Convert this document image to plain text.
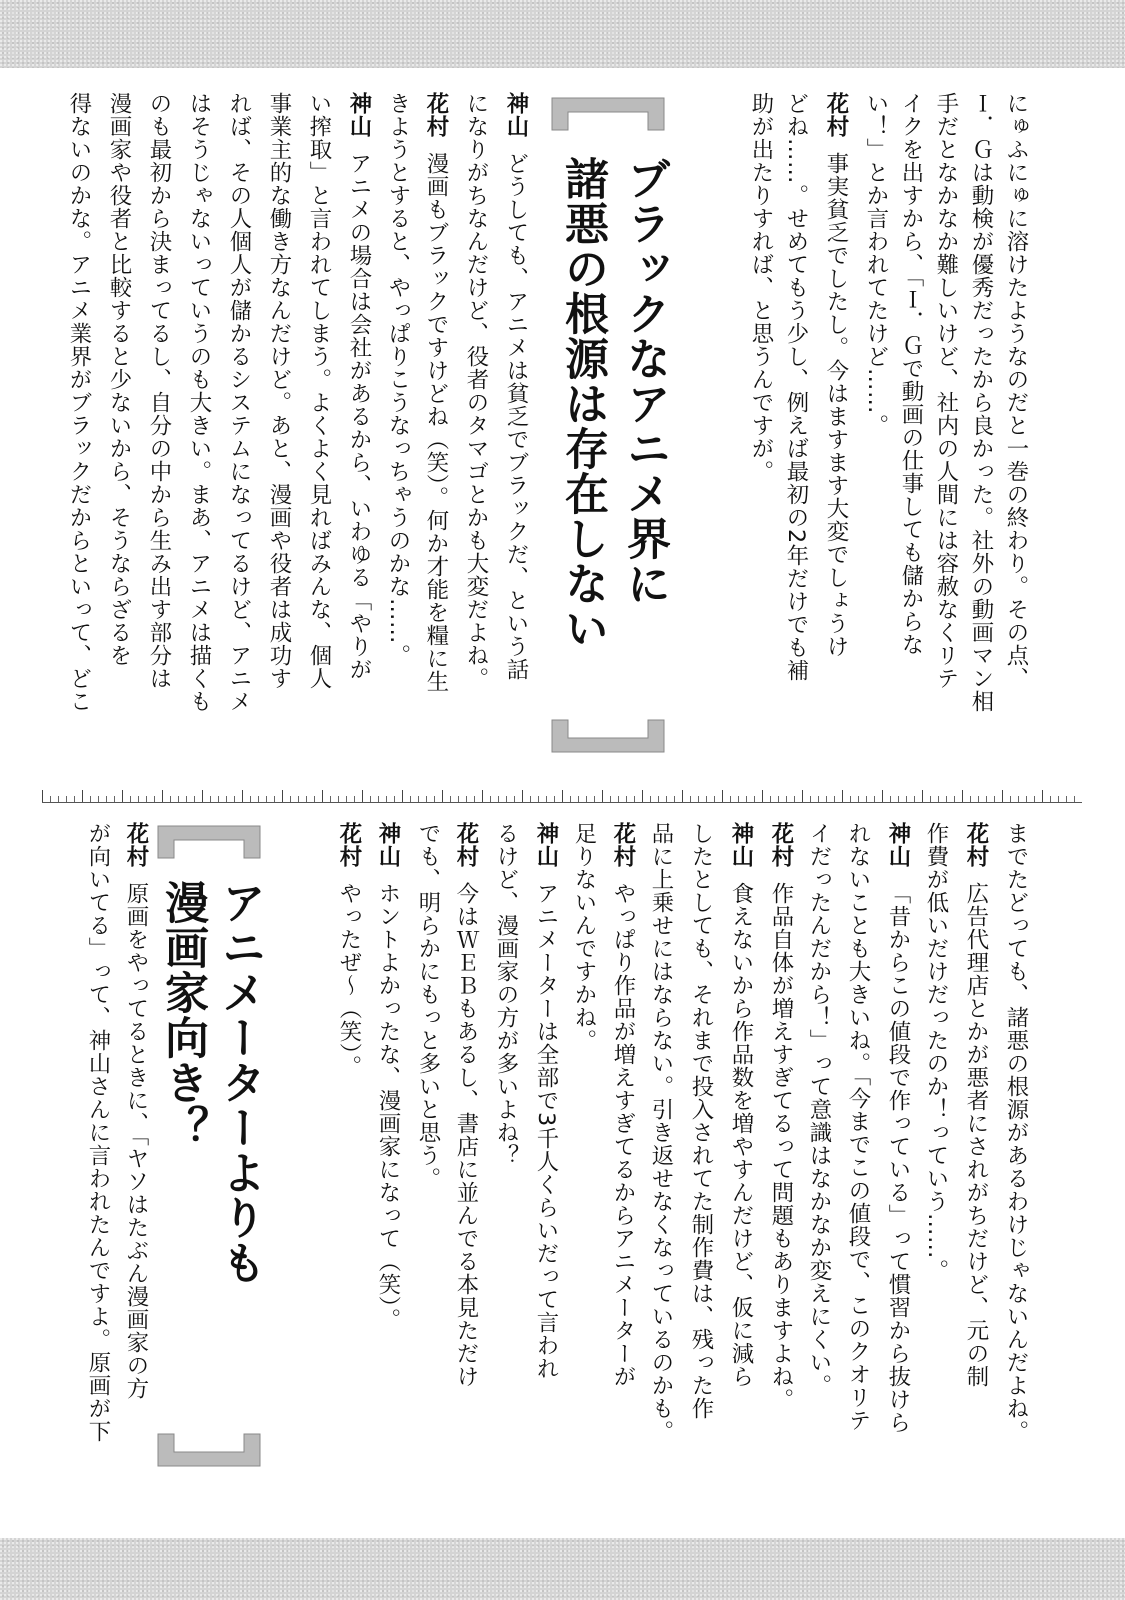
にゅふにゅに溶けたようなのだと一巻の終わり。その点、
Ｉ．Ｇは動検が優秀だったから良かった。社外の動画マン相
手だとなかなか難しいけど、社内の人間には容赦なくリテ
イクを出すから、「Ｉ．Ｇで動画の仕事しても儲からな
い！」とか言われてたけど……。
花村事実貧乏でしたし。今はますます大変でしょうけ
どね……。せめてもう少し、例えば最初の2年だけでも補
助が出たりすれば、と思うんですが。
神山どうしても、アニメは貧乏でブラックだ、という話
になりがちなんだけど、役者のタマゴとかも大変だよね。
花村漫画もブラックですけどね（笑）。何か才能を糧に生
きようとすると、やっぱりこうなっちゃうのかな……。
神山アニメの場合は会社があるから、いわゆる「やりが
い搾取」と言われてしまう。よくよく見ればみんな、個人
事業主的な働き方なんだけど。あと、漫画や役者は成功す
れば、その人個人が儲かるシステムになってるけど、アニメ
はそうじゃないっていうのも大きい。まあ、アニメは描くも
のも最初から決まってるし、自分の中から生み出す部分は
漫画家や役者と比較すると少ないから、そうならざるを
得ないのかな。アニメ業界がブラックだからといって、どこ
までたどっても、諸悪の根源があるわけじゃないんだよね。
花村広告代理店とかが悪者にされがちだけど、元の制
作費が低いだけだったのか！っていう……。
神山「昔からこの値段で作っている」って慣習から抜けら
れないことも大きいね。「今までこの値段で、このクオリテ
イだったんだから！」って意識はなかなか変えにくい。
花村作品自体が増えすぎてるって問題もありますよね。
神山食えないから作品数を増やすんだけど、仮に減ら
したとしても、それまで投入されてた制作費は、残った作
品に上乗せにはならない。引き返せなくなっているのかも。
花村やっぱり作品が増えすぎてるからアニメーターが
足りないんですかね。
神山アニメーターは全部で3千人くらいだって言われ
るけど、漫画家の方が多いよね？
花村今はＷＥＢもあるし、書店に並んでる本見ただけ
でも、明らかにもっと多いと思う。
神山ホントよかったな、漫画家になって（笑）。
花村やったぜ～（笑）。
花村原画をやってるときに、「ヤソはたぶん漫画家の方
が向いてる」って、神山さんに言われたんですよ。原画が下
ブラックなアニメ界に
諸悪の根源は存在しない
アニメーターよりも
漫画家向き？
